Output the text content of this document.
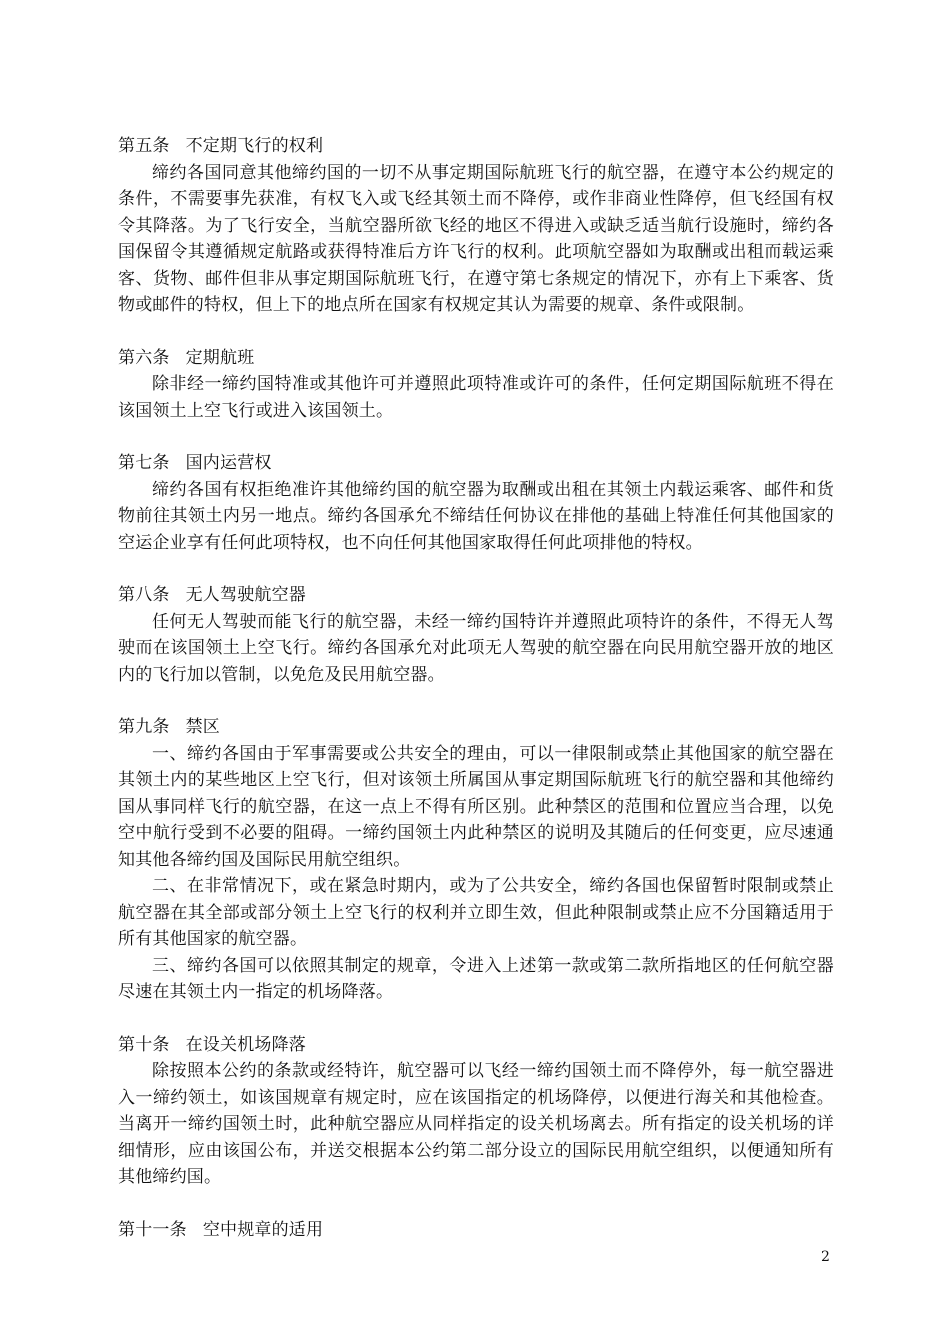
第五条 不定期飞行的权利

缔约各国同意其他缔约国的一切不从事定期国际航班飞行的航空器，在遵守本公约规定的条件，不需要事先获准，有权飞入或飞经其领土而不降停，或作非商业性降停，但飞经国有权令其降落。为了飞行安全，当航空器所欲飞经的地区不得进入或缺乏适当航行设施时，缔约各国保留令其遵循规定航路或获得特准后方许飞行的权利。此项航空器如为取酬或出租而载运乘客、货物、邮件但非从事定期国际航班飞行，在遵守第七条规定的情况下，亦有上下乘客、货物或邮件的特权，但上下的地点所在国家有权规定其认为需要的规章、条件或限制。

第六条 定期航班

除非经一缔约国特准或其他许可并遵照此项特准或许可的条件，任何定期国际航班不得在该国领土上空飞行或进入该国领土。

第七条 国内运营权

缔约各国有权拒绝准许其他缔约国的航空器为取酬或出租在其领土内载运乘客、邮件和货物前往其领土内另一地点。缔约各国承允不缔结任何协议在排他的基础上特准任何其他国家的空运企业享有任何此项特权，也不向任何其他国家取得任何此项排他的特权。

第八条 无人驾驶航空器

任何无人驾驶而能飞行的航空器，未经一缔约国特许并遵照此项特许的条件，不得无人驾驶而在该国领土上空飞行。缔约各国承允对此项无人驾驶的航空器在向民用航空器开放的地区内的飞行加以管制，以免危及民用航空器。

第九条 禁区

一、缔约各国由于军事需要或公共安全的理由，可以一律限制或禁止其他国家的航空器在其领土内的某些地区上空飞行，但对该领土所属国从事定期国际航班飞行的航空器和其他缔约国从事同样飞行的航空器，在这一点上不得有所区别。此种禁区的范围和位置应当合理，以免空中航行受到不必要的阻碍。一缔约国领土内此种禁区的说明及其随后的任何变更，应尽速通知其他各缔约国及国际民用航空组织。

二、在非常情况下，或在紧急时期内，或为了公共安全，缔约各国也保留暂时限制或禁止航空器在其全部或部分领土上空飞行的权利并立即生效，但此种限制或禁止应不分国籍适用于所有其他国家的航空器。

三、缔约各国可以依照其制定的规章，令进入上述第一款或第二款所指地区的任何航空器尽速在其领土内一指定的机场降落。

第十条 在设关机场降落

除按照本公约的条款或经特许，航空器可以飞经一缔约国领土而不降停外，每一航空器进入一缔约领土，如该国规章有规定时，应在该国指定的机场降停，以便进行海关和其他检查。当离开一缔约国领土时，此种航空器应从同样指定的设关机场离去。所有指定的设关机场的详细情形，应由该国公布，并送交根据本公约第二部分设立的国际民用航空组织，以便通知所有其他缔约国。

第十一条 空中规章的适用

2
